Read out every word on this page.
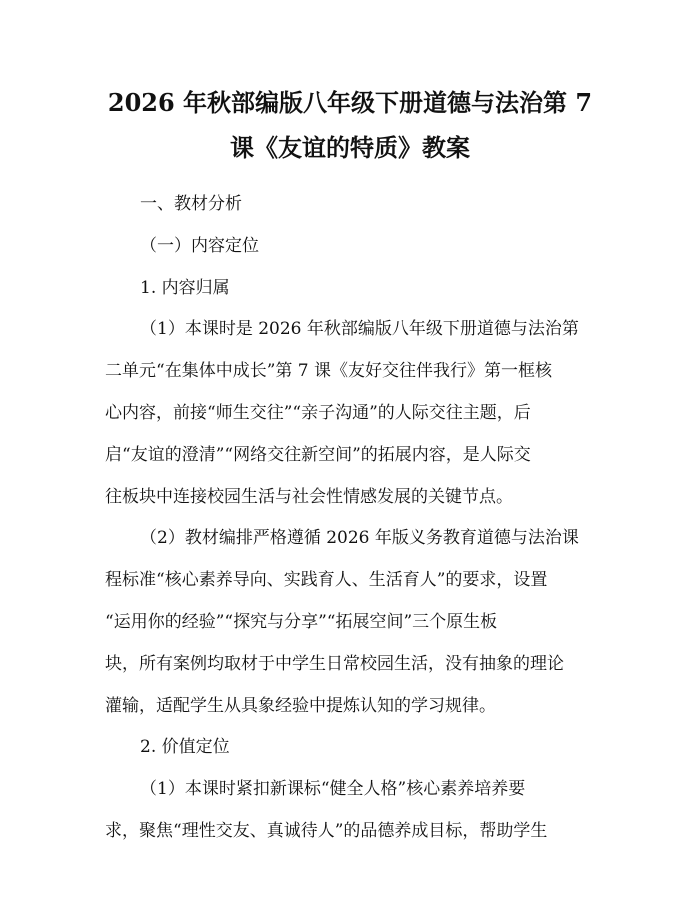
2026 年秋部编版八年级下册道德与法治第 7
课《友谊的特质》教案

一、教材分析

（一）内容定位

1. 内容归属

（1）本课时是 2026 年秋部编版八年级下册道德与法治第

二单元“在集体中成长”第 7 课《友好交往伴我行》第一框核

心内容，前接“师生交往”“亲子沟通”的人际交往主题，后

启“友谊的澄清”“网络交往新空间”的拓展内容，是人际交

往板块中连接校园生活与社会性情感发展的关键节点。

（2）教材编排严格遵循 2026 年版义务教育道德与法治课

程标准“核心素养导向、实践育人、生活育人”的要求，设置

“运用你的经验”“探究与分享”“拓展空间”三个原生板

块，所有案例均取材于中学生日常校园生活，没有抽象的理论

灌输，适配学生从具象经验中提炼认知的学习规律。

2. 价值定位

（1）本课时紧扣新课标“健全人格”核心素养培养要

求，聚焦“理性交友、真诚待人”的品德养成目标，帮助学生
